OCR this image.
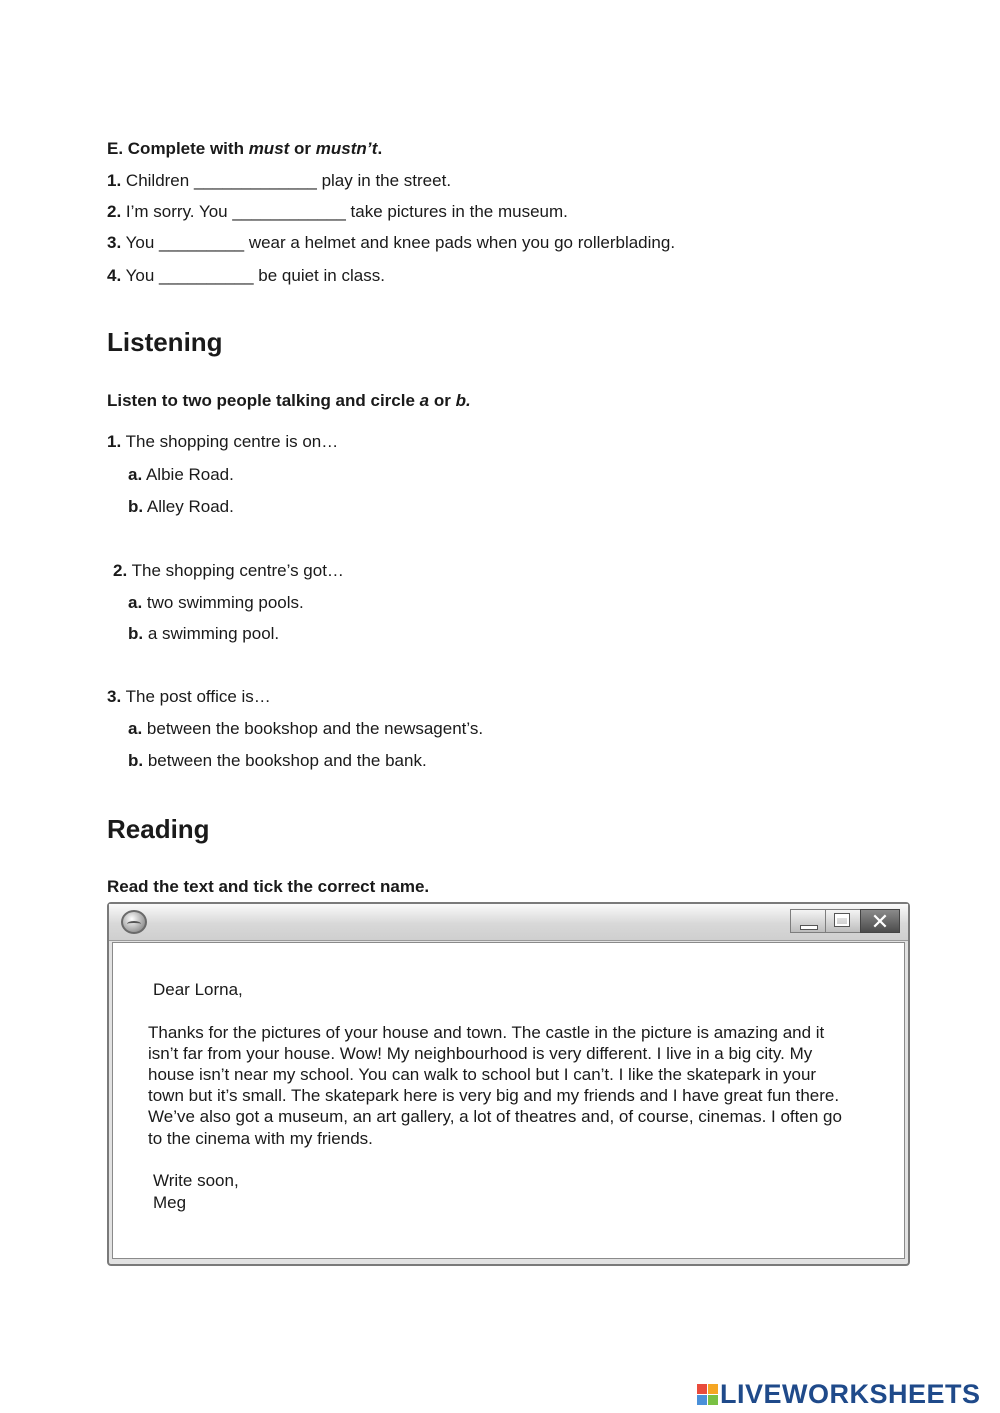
E. Complete with must or mustn’t.
1. Children _____________ play in the street.
2. I’m sorry. You ____________ take pictures in the museum.
3. You _________ wear a helmet and knee pads when you go rollerblading.
4. You __________ be quiet in class.
Listening
Listen to two people talking and circle a or b.
1. The shopping centre is on…
a. Albie Road.
b. Alley Road.
2. The shopping centre’s got…
a. two swimming pools.
b. a swimming pool.
3. The post office is…
a. between the bookshop and the newsagent’s.
b. between the bookshop and the bank.
Reading
Read the text and tick the correct name.
✕
Dear Lorna,
Thanks for the pictures of your house and town. The castle in the picture is amazing and it
isn’t far from your house. Wow! My neighbourhood is very different. I live in a big city. My
house isn’t near my school. You can walk to school but I can’t. I like the skatepark in your
town but it’s small. The skatepark here is very big and my friends and I have great fun there.
We’ve also got a museum, an art gallery, a lot of theatres and, of course, cinemas. I often go
to the cinema with my friends.
Write soon,
Meg
LIVEWORKSHEETS
